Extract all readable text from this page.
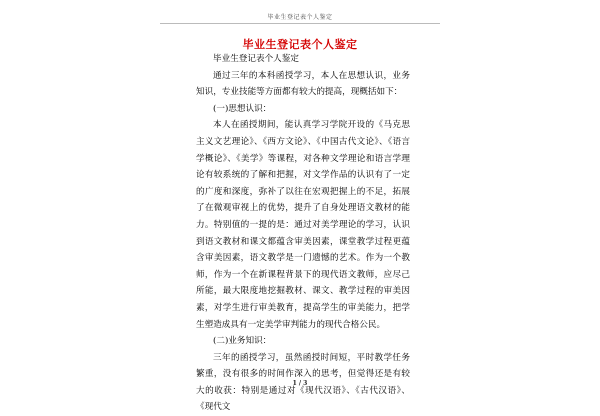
毕业生登记表个人鉴定
毕业生登记表个人鉴定

毕业生登记表个人鉴定

通过三年的本科函授学习，本人在思想认识，业务知识，专业技能等方面都有较大的提高，现概括如下：

(一)思想认识：

本人在函授期间，能认真学习学院开设的《马克思主义文艺理论》、《西方文论》、《中国古代文论》、《语言学概论》、《美学》等课程，对各种文学理论和语言学理论有较系统的了解和把握，对文学作品的认识有了一定的广度和深度，弥补了以往在宏观把握上的不足，拓展了在微观审视上的优势，提升了自身处理语文教材的能力。特别值的一提的是：通过对美学理论的学习，认识到语文教材和课文都蕴含审美因素，课堂教学过程更蕴含审美因素，语文教学是一门遗憾的艺术。作为一个教师，作为一个在新课程背景下的现代语文教师，应尽己所能，最大限度地挖掘教材、课文、教学过程的审美因素，对学生进行审美教育，提高学生的审美能力，把学生塑造成具有一定美学审判能力的现代合格公民。

(二)业务知识：

三年的函授学习，虽然函授时间短，平时教学任务繁重，没有很多的时间作深入的思考，但觉得还是有较大的收获：特别是通过对《现代汉语》、《古代汉语》、《现代文

1 / 3
